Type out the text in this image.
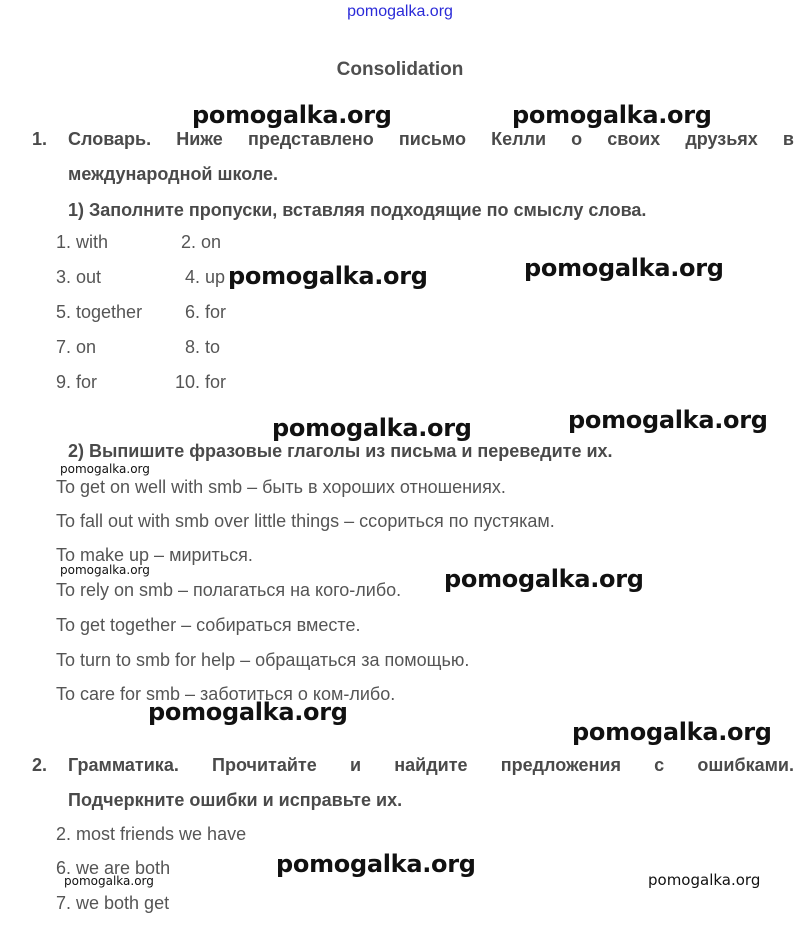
pomogalka.org
Consolidation
1. Словарь. Ниже представлено письмо Келли о своих друзьях в
международной школе.
1) Заполните пропуски, вставляя подходящие по смыслу слова.
1. with	2. on
3. out	4. up
5. together 6. for
7. on	8. to
9. for	10. for
2) Выпишите фразовые глаголы из письма и переведите их.
To get on well with smb – быть в хороших отношениях.
To fall out with smb over little things – ссориться по пустякам.
To make up – мириться.
To rely on smb – полагаться на кого-либо.
To get together – собираться вместе.
To turn to smb for help – обращаться за помощью.
To care for smb – заботиться о ком-либо.
2. Грамматика. Прочитайте и найдите предложения с ошибками.
Подчеркните ошибки и исправьте их.
2. most friends we have
6. we are both
7. we both get
pomogalka.org	pomogalka.org
pomogalka.org	pomogalka.org
pomogalka.org	pomogalka.org
pomogalka.org
pomogalka.org	pomogalka.org
pomogalka.org
pomogalka.org
pomogalka.org
pomogalka.org	pomogalka.org
